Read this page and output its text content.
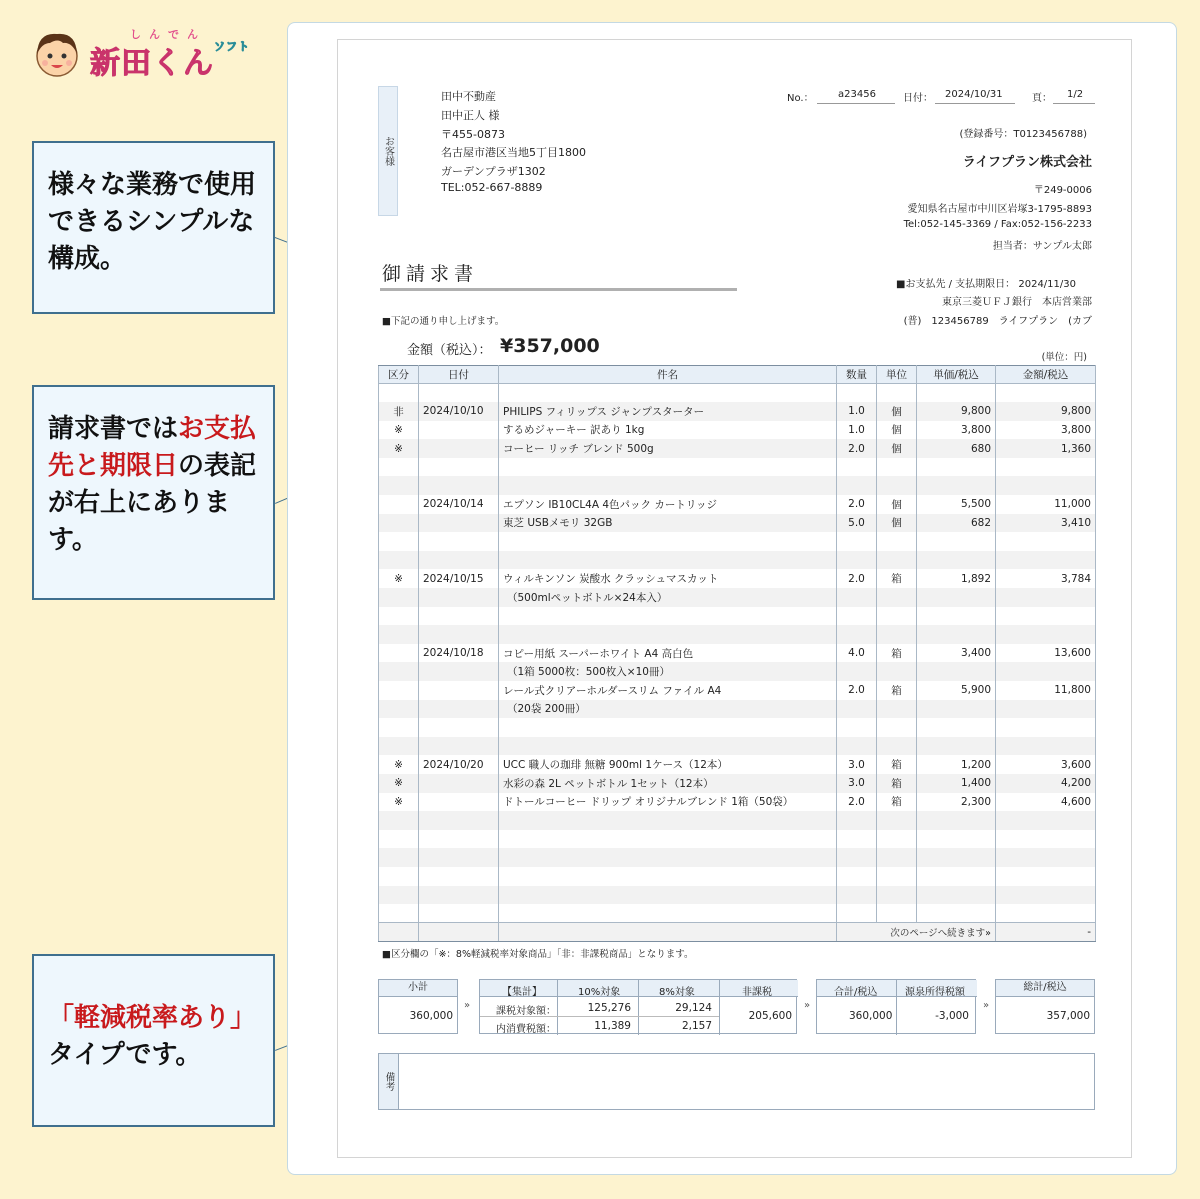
しんでん
新田くん ソフト
様々な業務で使用できるシンプルな構成。
請求書ではお支払先と期限日の表記が右上にあります。
「軽減税率あり」タイプです。
お客様
田中不動産
田中正人 様
〒455-0873
名古屋市港区当地5丁目1800
ガーデンプラザ1302
TEL:052-667-8889
No.： a23456	日付： 2024/10/31	頁： 1/2
(登録番号：T0123456788)
ライフプラン株式会社
〒249-0006
愛知県名古屋市中川区岩塚3-1795-8893
Tel:052-145-3369 / Fax:052-156-2233
担当者：サンプル太郎
■お支払先 / 支払期限日： 2024/11/30
東京三菱ＵＦＪ銀行　本店営業部
(普)　123456789　ライフプラン　(カブ
御請求書
■下記の通り申し上げます。
金額（税込）： ¥357,000
(単位：円)
区分	日付	件名	数量	単位	単価/税込	金額/税込

非	2024/10/10	PHILIPS フィリップス ジャンプスターター	1.0	個	9,800	9,800
※		するめジャーキー 訳あり 1kg	1.0	個	3,800	3,800
※		コーヒー リッチ ブレンド 500g	2.0	個	680	1,360

	2024/10/14	エプソン IB10CL4A 4色パック カートリッジ	2.0	個	5,500	11,000
		東芝 USBメモリ 32GB	5.0	個	682	3,410

※	2024/10/15	ウィルキンソン 炭酸水 クラッシュマスカット	2.0	箱	1,892	3,784
		（500mlペットボトル×24本入）				

	2024/10/18	コピー用紙 スーパーホワイト A4 高白色	4.0	箱	3,400	13,600
		（1箱 5000枚：500枚入×10冊）				
		レール式クリアーホルダースリム ファイル A4	2.0	箱	5,900	11,800
		（20袋 200冊）				

※	2024/10/20	UCC 職人の珈琲 無糖 900ml 1ケース（12本）	3.0	箱	1,200	3,600
※		水彩の森 2L ペットボトル 1セット（12本）	3.0	箱	1,400	4,200
※		ドトールコーヒー ドリップ オリジナルブレンド 1箱（50袋）	2.0	箱	2,300	4,600

			次のページへ続きます»			-
■区分欄の「※：8%軽減税率対象商品」「非：非課税商品」となります。
小計
360,000
»
【集計】	10%対象	8%対象	非課税
課税対象額：	125,276	29,124
内消費税額：	11,389	2,157
205,600
»
合計/税込	源泉所得税額
360,000	-3,000
»
総計/税込
357,000
備考
